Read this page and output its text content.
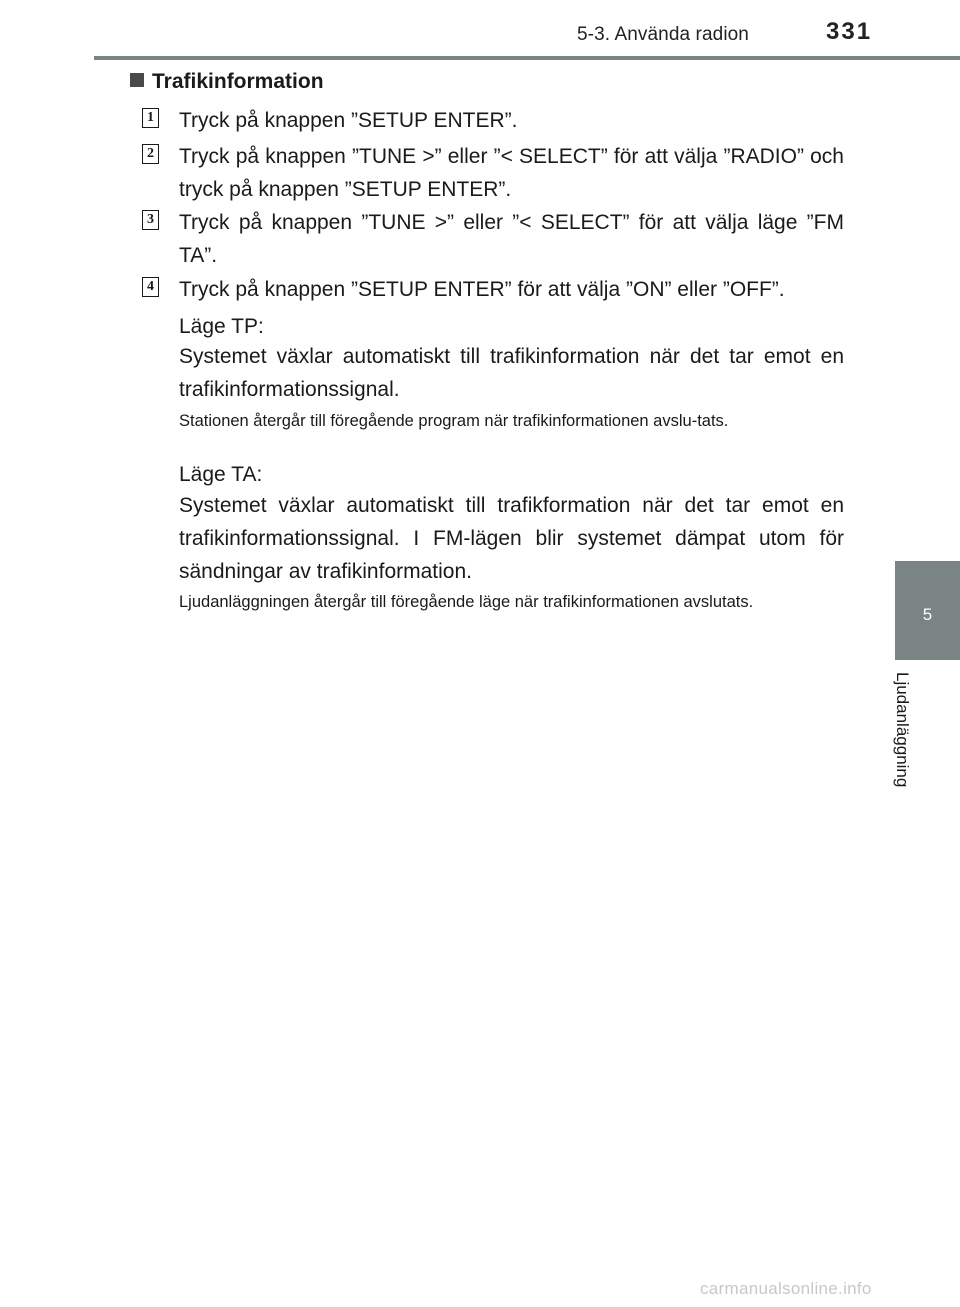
5-3. Använda radion	331
5
Ljudanläggning
Trafikinformation
1 Tryck på knappen ”SETUP ENTER”.
2 Tryck på knappen ”TUNE >” eller ”< SELECT” för att välja ”RADIO” och tryck på knappen ”SETUP ENTER”.
3 Tryck på knappen ”TUNE >” eller ”< SELECT” för att välja läge ”FM TA”.
4 Tryck på knappen ”SETUP ENTER” för att välja ”ON” eller ”OFF”.
Läge TP:
Systemet växlar automatiskt till trafikinformation när det tar emot en trafikinformationssignal.
Stationen återgår till föregående program när trafikinformationen avslu-tats.
Läge TA:
Systemet växlar automatiskt till trafikformation när det tar emot en trafikinformationssignal. I FM-lägen blir systemet dämpat utom för sändningar av trafikinformation.
Ljudanläggningen återgår till föregående läge när trafikinformationen avslutats.
carmanualsonline.info
